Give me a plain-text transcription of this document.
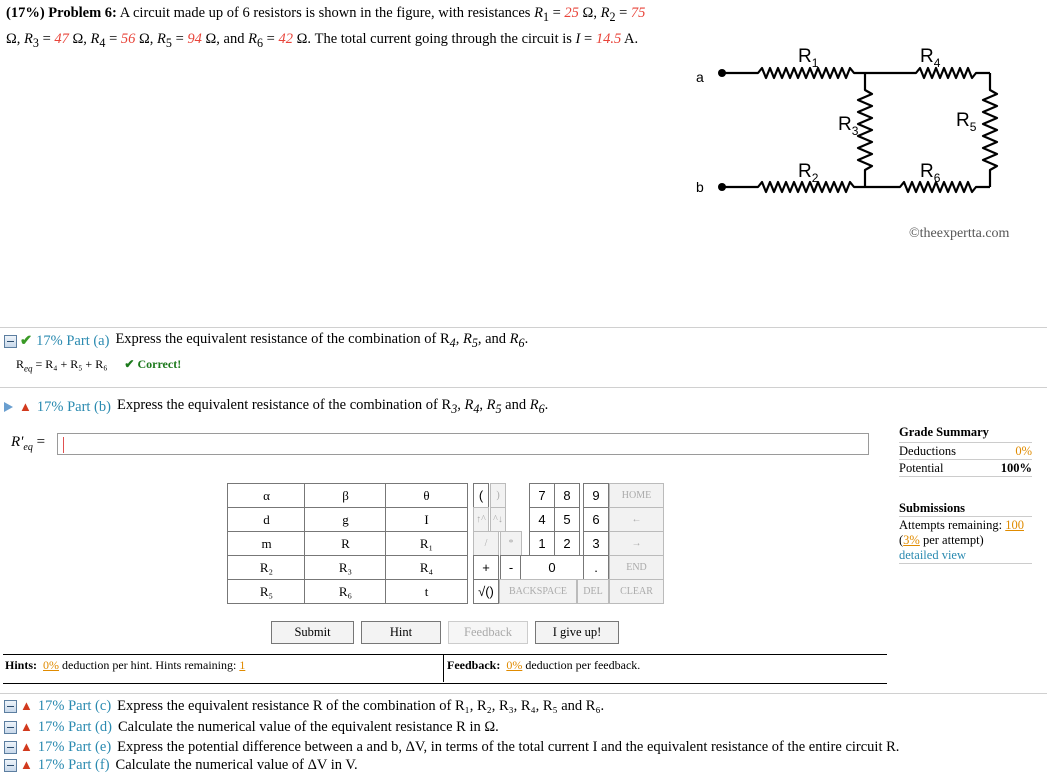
(17%) Problem 6: A circuit made up of 6 resistors is shown in the figure, with resistances $R_1 = 25$ Ω, $R_2 = 75$ Ω, $R_3 = 47$ Ω, $R_4 = 56$ Ω, $R_5 = 94$ Ω, and $R_6 = 42$ Ω. The total current going through the circuit is I = 14.5 A.
a
b
$R_1$	$R_4$
$R_3$	$R_5$
$R_2$	$R_6$
©theexpertta.com
✔ 17% Part (a) Express the equivalent resistance of the combination of $R_4$, $R_5$, and $R_6$.
$R_{eq} = R_4 + R_5 + R_6$ ✔ Correct!
▲ 17% Part (b) Express the equivalent resistance of the combination of $R_3$, $R_4$, $R_5$ and $R_6$.
$R'_{eq}$ =
Submit	Hint	Feedback	I give up!
Hints: 0% deduction per hint. Hints remaining: 1	Feedback: 0% deduction per feedback.
Grade Summary
Deductions	0%
Potential	100%
Submissions
Attempts remaining: 100
(3% per attempt)
detailed view
α	β	θ
d	g	I
m	R	R₁
R₂	R₃	R₄
R₅	R₆	t
(	)
↑^ ^↓
/	*
+	-
√()
7	8	9
4	5	6
1	2	3
0	.
HOME
←
→
END
BACKSPACE	DEL	CLEAR
▲ 17% Part (c) Express the equivalent resistance R of the combination of R₁, R₂, R₃, R₄, R₅ and R₆.
▲ 17% Part (d) Calculate the numerical value of the equivalent resistance R in Ω.
▲ 17% Part (e) Express the potential difference between a and b, ΔV, in terms of the total current I and the equivalent resistance of the entire circuit R.
▲ 17% Part (f) Calculate the numerical value of ΔV in V.
